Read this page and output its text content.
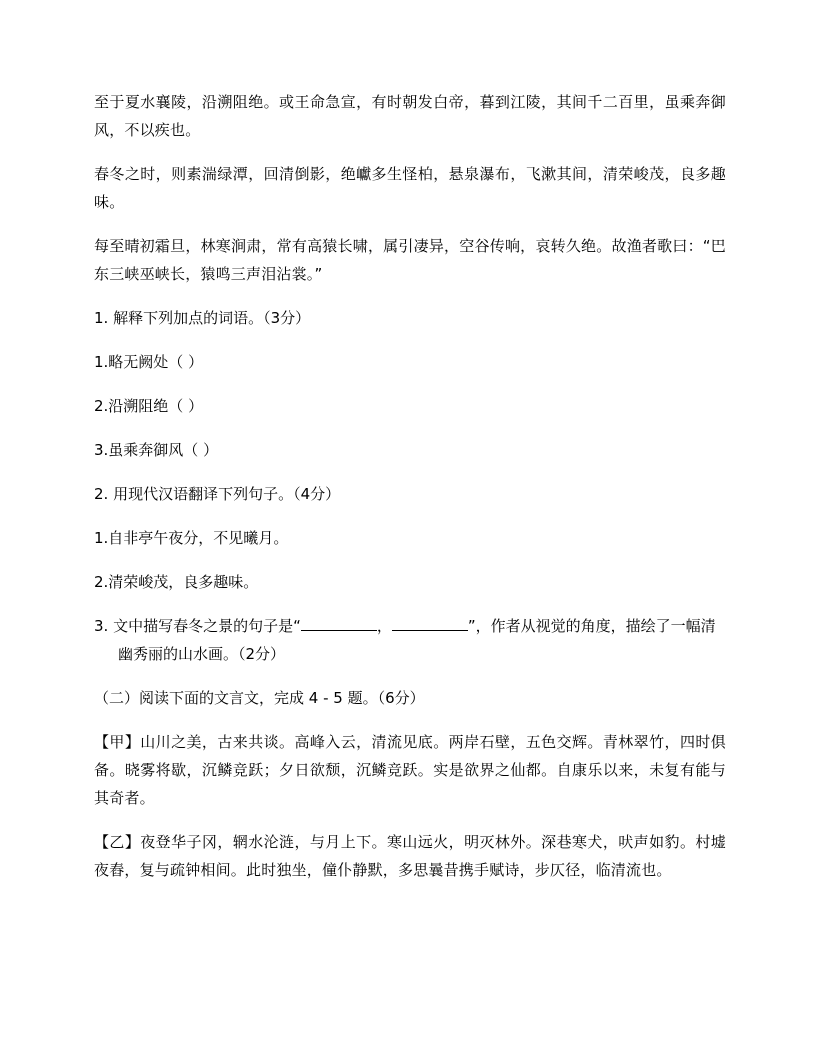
至于夏水襄陵，沿溯阻绝。或王命急宣，有时朝发白帝，暮到江陵，其间千二百里，虽乘奔御风，不以疾也。

春冬之时，则素湍绿潭，回清倒影，绝巘多生怪柏，悬泉瀑布，飞漱其间，清荣峻茂，良多趣味。

每至晴初霜旦，林寒涧肃，常有高猿长啸，属引凄异，空谷传响，哀转久绝。故渔者歌曰：“巴东三峡巫峡长，猿鸣三声泪沾裳。”

1. 解释下列加点的词语。（3分）

1.略无阙处（ ）

2.沿溯阻绝（ ）

3.虽乘奔御风（ ）

2. 用现代汉语翻译下列句子。（4分）

1.自非亭午夜分，不见曦月。

2.清荣峻茂，良多趣味。

3. 文中描写春冬之景的句子是“	，	”，作者从视觉的角度，描绘了一幅清幽秀丽的山水画。（2分）

（二）阅读下面的文言文，完成 4 - 5 题。（6分）

【甲】山川之美，古来共谈。高峰入云，清流见底。两岸石壁，五色交辉。青林翠竹，四时俱备。晓雾将歇，沉鳞竞跃；夕日欲颓，沉鳞竞跃。实是欲界之仙都。自康乐以来，未复有能与其奇者。

【乙】夜登华子冈，辋水沦涟，与月上下。寒山远火，明灭林外。深巷寒犬，吠声如豹。村墟夜舂，复与疏钟相间。此时独坐，僮仆静默，多思曩昔携手赋诗，步仄径，临清流也。
